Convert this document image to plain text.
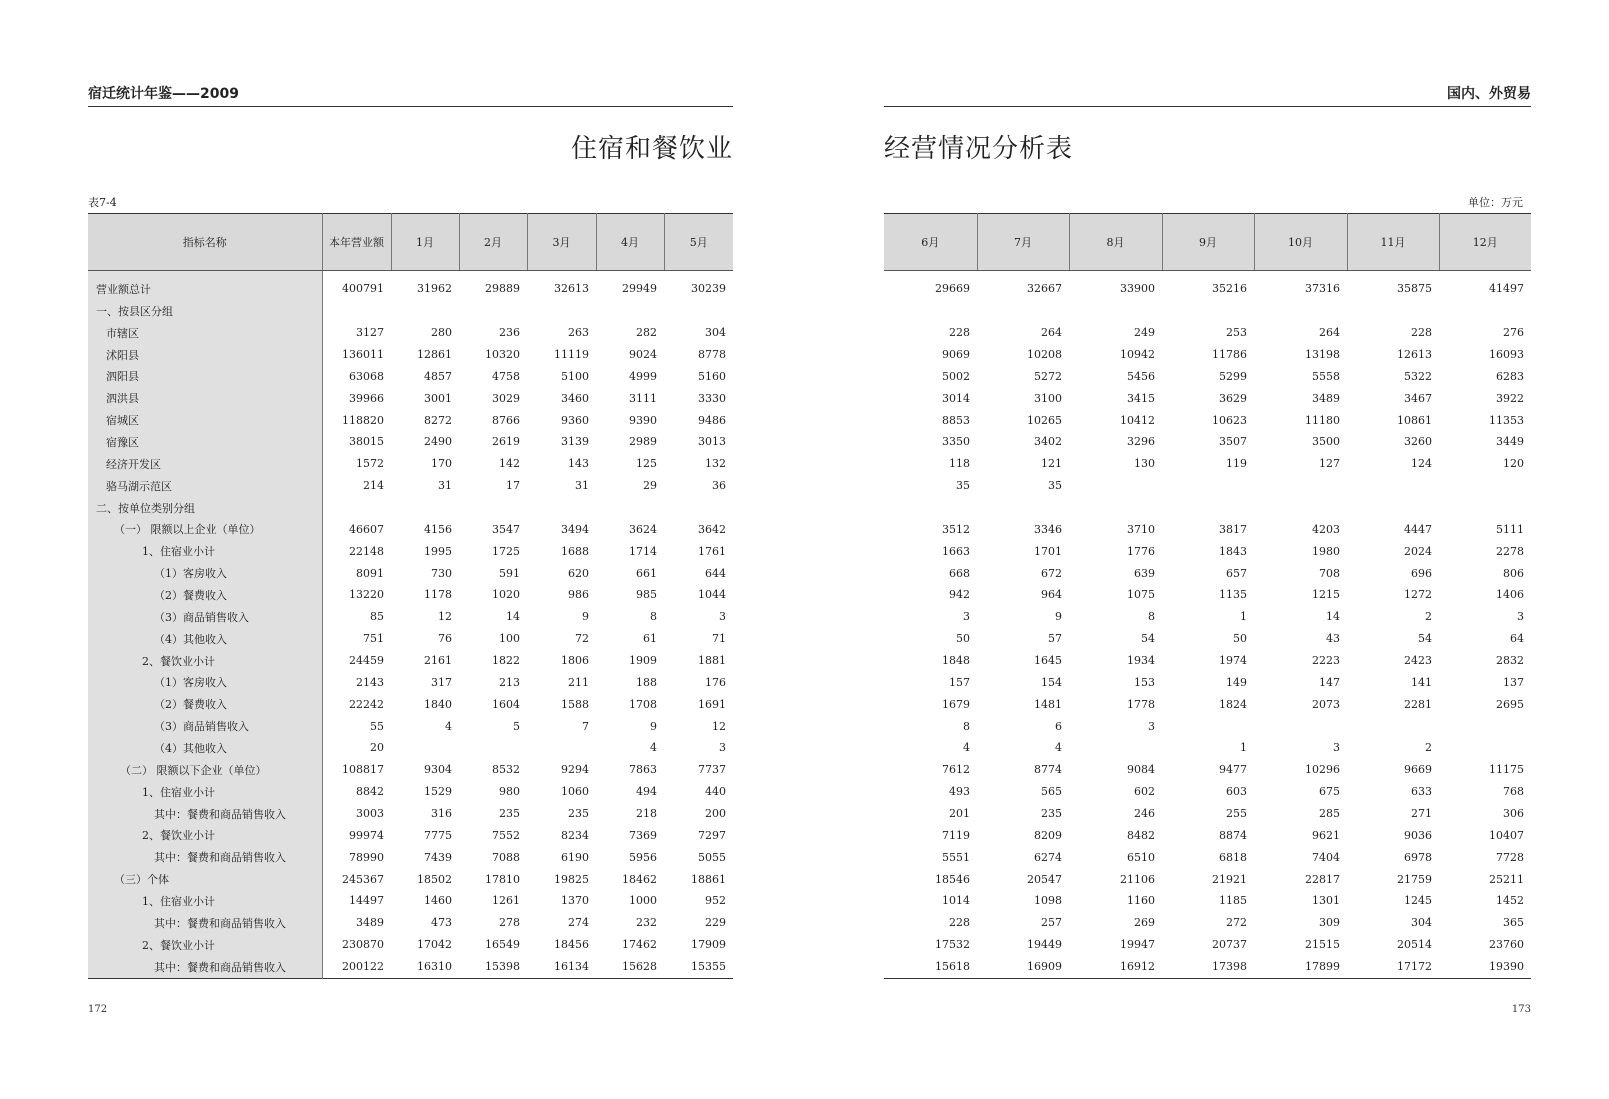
宿迁统计年鉴——2009
住宿和餐饮业
表7-4
指标名称	本年营业额	1月	2月	3月	4月	5月

营业额总计	400791	31962	29889	32613	29949	30239
一、按县区分组						
市辖区	3127	280	236	263	282	304
沭阳县	136011	12861	10320	11119	9024	8778
泗阳县	63068	4857	4758	5100	4999	5160
泗洪县	39966	3001	3029	3460	3111	3330
宿城区	118820	8272	8766	9360	9390	9486
宿豫区	38015	2490	2619	3139	2989	3013
经济开发区	1572	170	142	143	125	132
骆马湖示范区	214	31	17	31	29	36
二、按单位类别分组						
（一） 限额以上企业（单位）	46607	4156	3547	3494	3624	3642
1、住宿业小计	22148	1995	1725	1688	1714	1761
（1）客房收入	8091	730	591	620	661	644
（2）餐费收入	13220	1178	1020	986	985	1044
（3）商品销售收入	85	12	14	9	8	3
（4）其他收入	751	76	100	72	61	71
2、餐饮业小计	24459	2161	1822	1806	1909	1881
（1）客房收入	2143	317	213	211	188	176
（2）餐费收入	22242	1840	1604	1588	1708	1691
（3）商品销售收入	55	4	5	7	9	12
（4）其他收入	20				4	3
（二） 限额以下企业（单位）	108817	9304	8532	9294	7863	7737
1、住宿业小计	8842	1529	980	1060	494	440
其中：餐费和商品销售收入	3003	316	235	235	218	200
2、餐饮业小计	99974	7775	7552	8234	7369	7297
其中：餐费和商品销售收入	78990	7439	7088	6190	5956	5055
（三）个体	245367	18502	17810	19825	18462	18861
1、住宿业小计	14497	1460	1261	1370	1000	952
其中：餐费和商品销售收入	3489	473	278	274	232	229
2、餐饮业小计	230870	17042	16549	18456	17462	17909
其中：餐费和商品销售收入	200122	16310	15398	16134	15628	15355
172
国内、外贸易
经营情况分析表
单位：万元
6月	7月	8月	9月	10月	11月	12月

29669	32667	33900	35216	37316	35875	41497

228	264	249	253	264	228	276
9069	10208	10942	11786	13198	12613	16093
5002	5272	5456	5299	5558	5322	6283
3014	3100	3415	3629	3489	3467	3922
8853	10265	10412	10623	11180	10861	11353
3350	3402	3296	3507	3500	3260	3449
118	121	130	119	127	124	120
35	35					

3512	3346	3710	3817	4203	4447	5111
1663	1701	1776	1843	1980	2024	2278
668	672	639	657	708	696	806
942	964	1075	1135	1215	1272	1406
3	9	8	1	14	2	3
50	57	54	50	43	54	64
1848	1645	1934	1974	2223	2423	2832
157	154	153	149	147	141	137
1679	1481	1778	1824	2073	2281	2695
8	6	3				
4	4		1	3	2	
7612	8774	9084	9477	10296	9669	11175
493	565	602	603	675	633	768
201	235	246	255	285	271	306
7119	8209	8482	8874	9621	9036	10407
5551	6274	6510	6818	7404	6978	7728
18546	20547	21106	21921	22817	21759	25211
1014	1098	1160	1185	1301	1245	1452
228	257	269	272	309	304	365
17532	19449	19947	20737	21515	20514	23760
15618	16909	16912	17398	17899	17172	19390
173
